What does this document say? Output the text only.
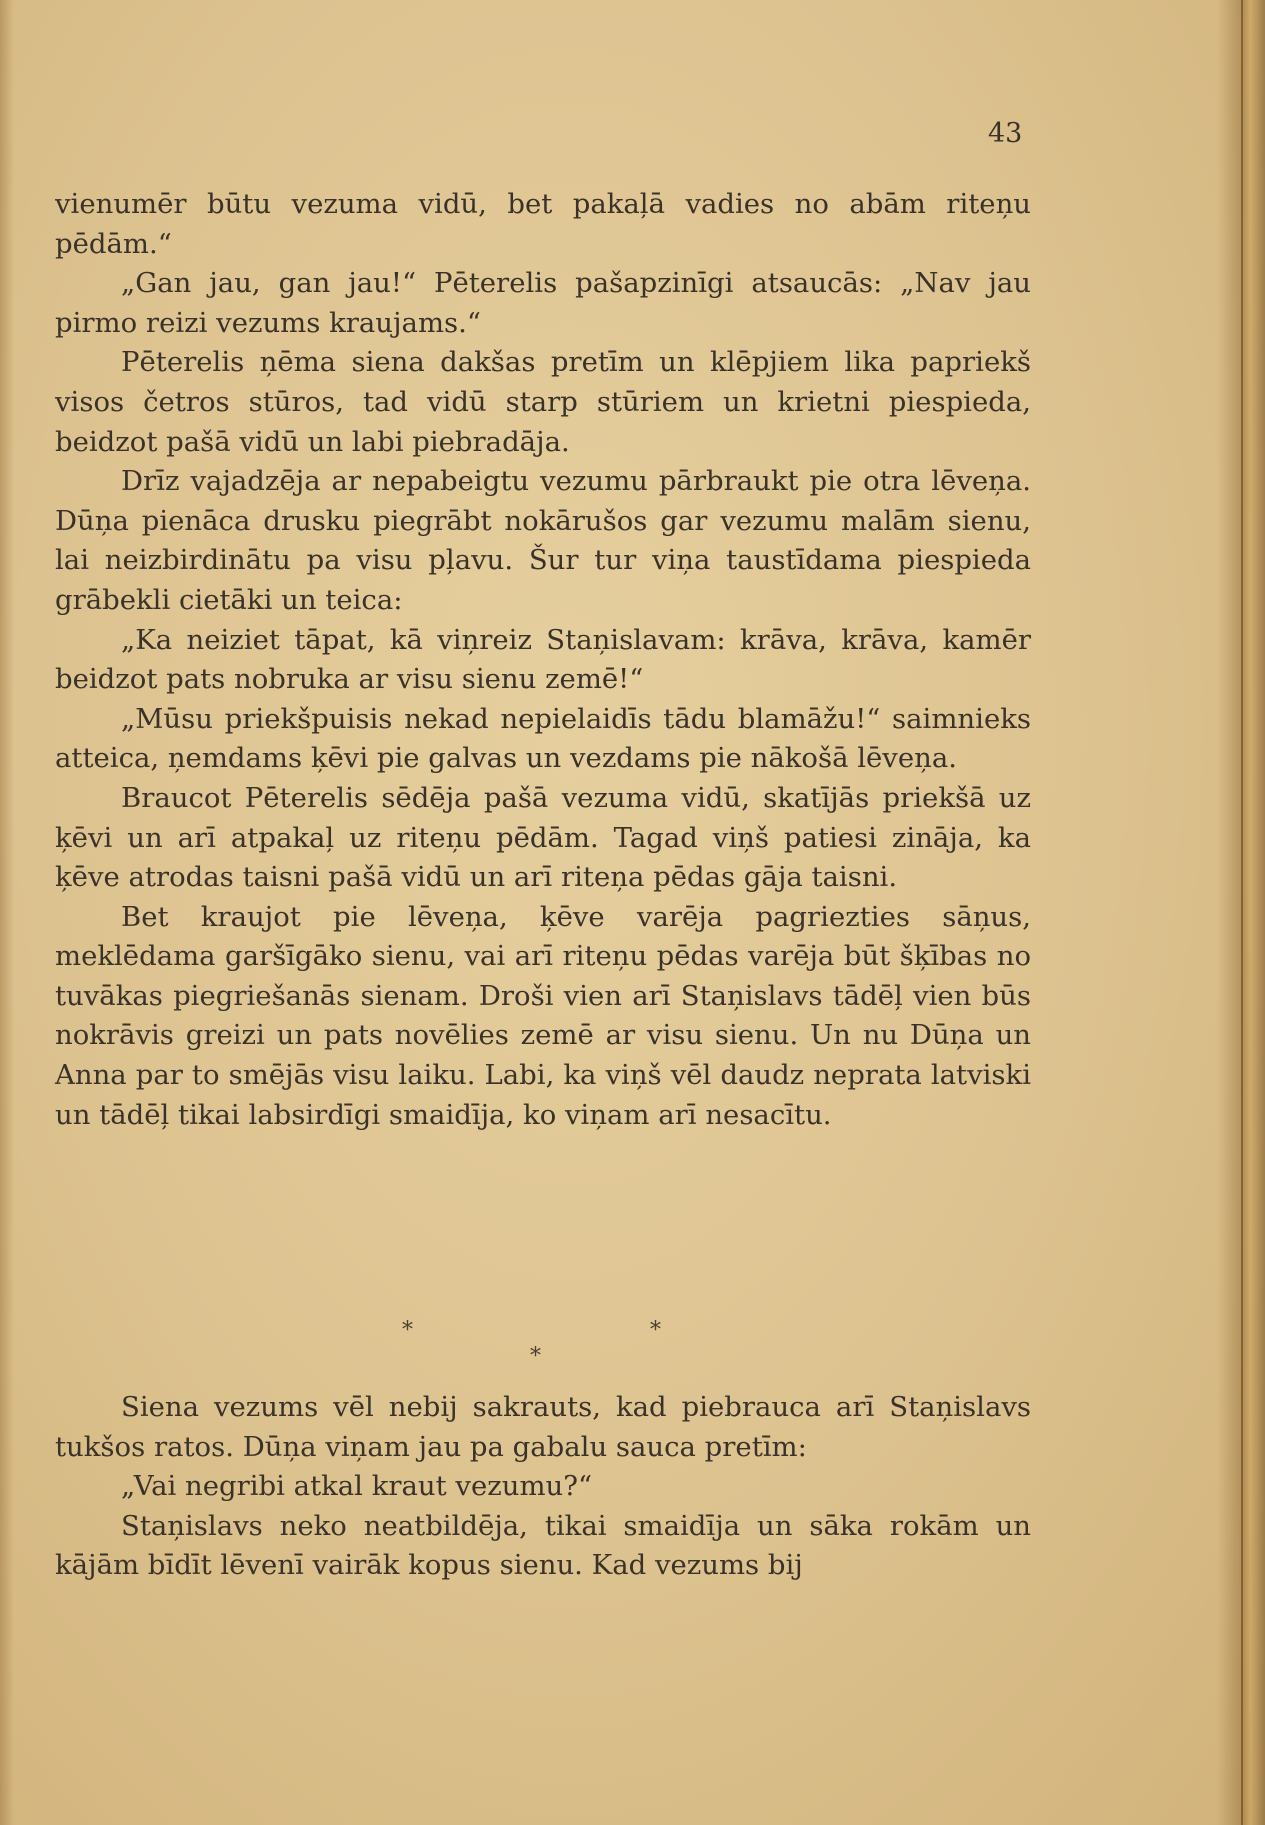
43

vienumēr būtu vezuma vidū, bet pakaļā vadies no abām riteņu pēdām.“

„Gan jau, gan jau!“ Pēterelis pašapzinīgi atsaucās: „Nav jau pirmo reizi vezums kraujams.“

Pēterelis ņēma siena dakšas pretīm un klēpjiem lika papriekš visos četros stūros, tad vidū starp stūriem un krietni piespieda, beidzot pašā vidū un labi piebradāja.

Drīz vajadzēja ar nepabeigtu vezumu pārbraukt pie otra lēveņa. Dūņa pienāca drusku piegrābt nokārušos gar vezumu malām sienu, lai neizbirdinātu pa visu pļavu. Šur tur viņa taustīdama piespieda grābekli cietāki un teica:

„Ka neiziet tāpat, kā viņreiz Staņislavam: krāva, krāva, kamēr beidzot pats nobruka ar visu sienu zemē!“

„Mūsu priekšpuisis nekad nepielaidīs tādu blamāžu!“ saimnieks atteica, ņemdams ķēvi pie galvas un vezdams pie nākošā lēveņa.

Braucot Pēterelis sēdēja pašā vezuma vidū, skatījās priekšā uz ķēvi un arī atpakaļ uz riteņu pēdām. Tagad viņš patiesi zināja, ka ķēve atrodas taisni pašā vidū un arī riteņa pēdas gāja taisni.

Bet kraujot pie lēveņa, ķēve varēja pagriezties sāņus, meklēdama garšīgāko sienu, vai arī riteņu pēdas varēja būt šķības no tuvākas piegriešanās sienam. Droši vien arī Staņislavs tādēļ vien būs nokrāvis greizi un pats novēlies zemē ar visu sienu. Un nu Dūņa un Anna par to smējās visu laiku. Labi, ka viņš vēl daudz neprata latviski un tādēļ tikai labsirdīgi smaidīja, ko viņam arī nesacītu.

*	*
*

Siena vezums vēl nebij sakrauts, kad piebrauca arī Staņislavs tukšos ratos. Dūņa viņam jau pa gabalu sauca pretīm:

„Vai negribi atkal kraut vezumu?“

Staņislavs neko neatbildēja, tikai smaidīja un sāka rokām un kājām bīdīt lēvenī vairāk kopus sienu. Kad vezums bij
